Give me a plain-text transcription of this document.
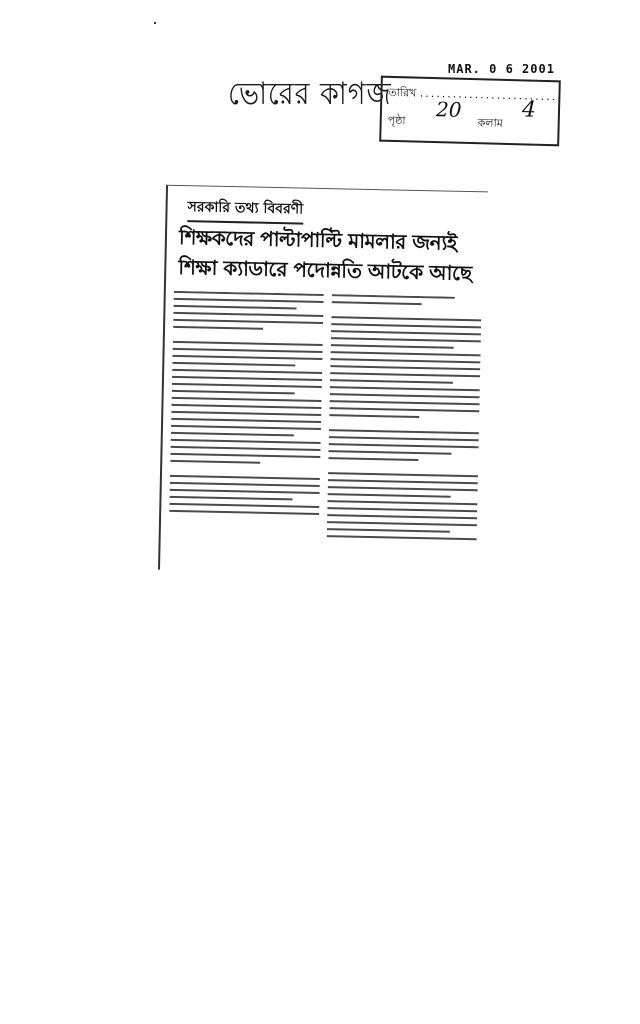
ভোরের কাগজ
MAR. 0 6 2001
তারিখ .........................
পৃষ্ঠা 20
কলাম
4
সরকারি তথ্য বিবরণী
শিক্ষকদের পাল্টাপাল্টি মামলার জন্যই
শিক্ষা ক্যাডারে পদোন্নতি আটকে আছে
